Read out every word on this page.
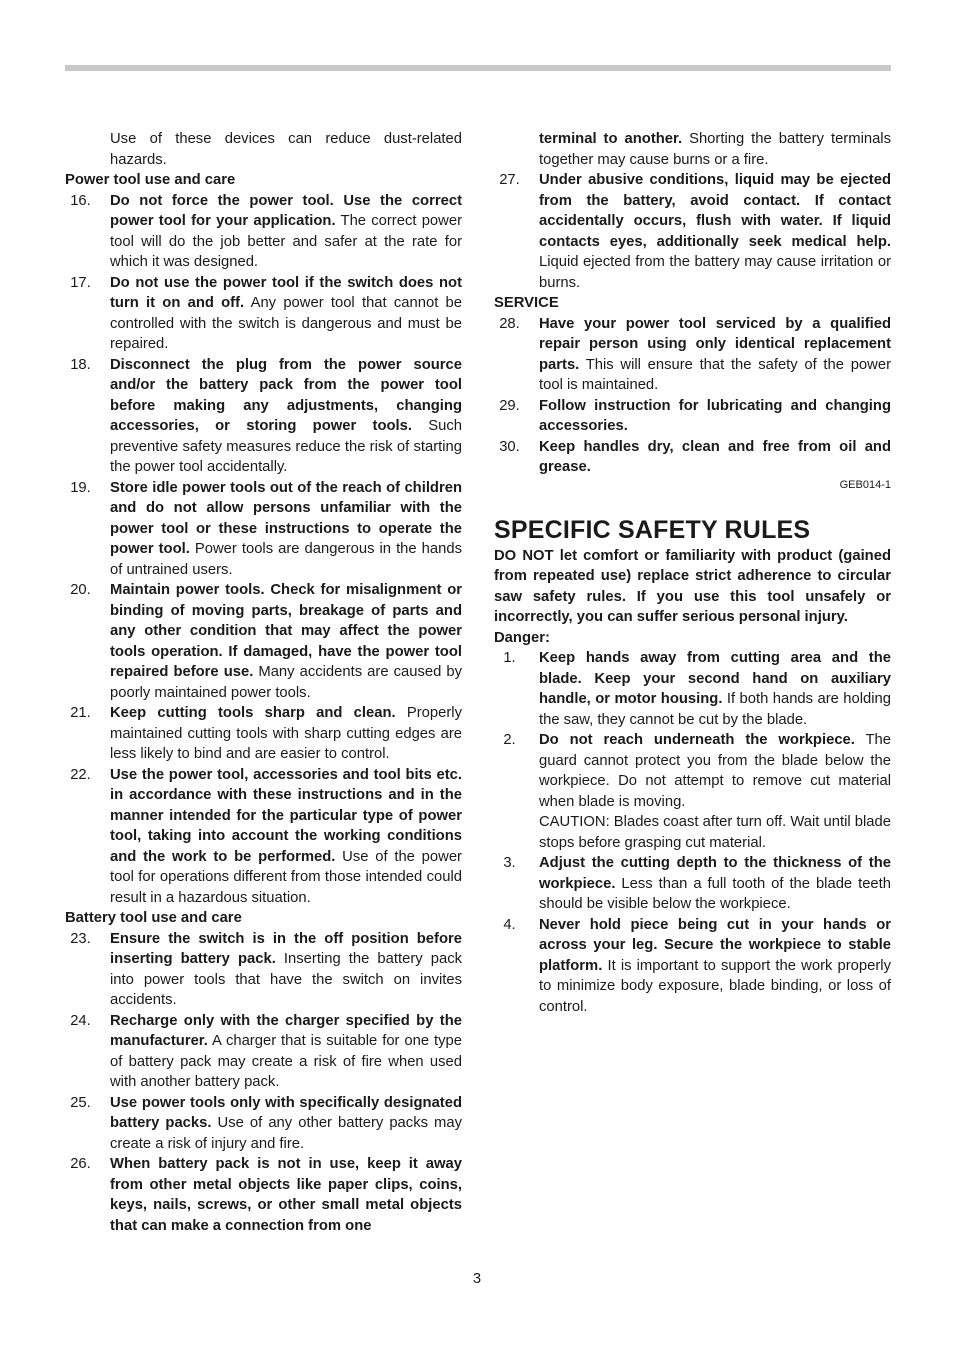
Use of these devices can reduce dust-related hazards.
Power tool use and care
16.	Do not force the power tool. Use the correct power tool for your application. The correct power tool will do the job better and safer at the rate for which it was designed.
17.	Do not use the power tool if the switch does not turn it on and off. Any power tool that cannot be controlled with the switch is dangerous and must be repaired.
18.	Disconnect the plug from the power source and/or the battery pack from the power tool before making any adjustments, changing accessories, or storing power tools. Such preventive safety measures reduce the risk of starting the power tool accidentally.
19.	Store idle power tools out of the reach of children and do not allow persons unfamiliar with the power tool or these instructions to operate the power tool. Power tools are dangerous in the hands of untrained users.
20.	Maintain power tools. Check for misalignment or binding of moving parts, breakage of parts and any other condition that may affect the power tools operation. If damaged, have the power tool repaired before use. Many accidents are caused by poorly maintained power tools.
21.	Keep cutting tools sharp and clean. Properly maintained cutting tools with sharp cutting edges are less likely to bind and are easier to control.
22.	Use the power tool, accessories and tool bits etc. in accordance with these instructions and in the manner intended for the particular type of power tool, taking into account the working conditions and the work to be performed. Use of the power tool for operations different from those intended could result in a hazardous situation.
Battery tool use and care
23.	Ensure the switch is in the off position before inserting battery pack. Inserting the battery pack into power tools that have the switch on invites accidents.
24.	Recharge only with the charger specified by the manufacturer. A charger that is suitable for one type of battery pack may create a risk of fire when used with another battery pack.
25.	Use power tools only with specifically designated battery packs. Use of any other battery packs may create a risk of injury and fire.
26.	When battery pack is not in use, keep it away from other metal objects like paper clips, coins, keys, nails, screws, or other small metal objects that can make a connection from one
terminal to another. Shorting the battery terminals together may cause burns or a fire.
27.	Under abusive conditions, liquid may be ejected from the battery, avoid contact. If contact accidentally occurs, flush with water. If liquid contacts eyes, additionally seek medical help. Liquid ejected from the battery may cause irritation or burns.
SERVICE
28.	Have your power tool serviced by a qualified repair person using only identical replacement parts. This will ensure that the safety of the power tool is maintained.
29.	Follow instruction for lubricating and changing accessories.
30.	Keep handles dry, clean and free from oil and grease.
GEB014-1
SPECIFIC SAFETY RULES
DO NOT let comfort or familiarity with product (gained from repeated use) replace strict adherence to circular saw safety rules. If you use this tool unsafely or incorrectly, you can suffer serious personal injury.
Danger:
1.	Keep hands away from cutting area and the blade. Keep your second hand on auxiliary handle, or motor housing. If both hands are holding the saw, they cannot be cut by the blade.
2.	Do not reach underneath the workpiece. The guard cannot protect you from the blade below the workpiece. Do not attempt to remove cut material when blade is moving.
CAUTION: Blades coast after turn off. Wait until blade stops before grasping cut material.
3.	Adjust the cutting depth to the thickness of the workpiece. Less than a full tooth of the blade teeth should be visible below the workpiece.
4.	Never hold piece being cut in your hands or across your leg. Secure the workpiece to stable platform. It is important to support the work properly to minimize body exposure, blade binding, or loss of control.
3
